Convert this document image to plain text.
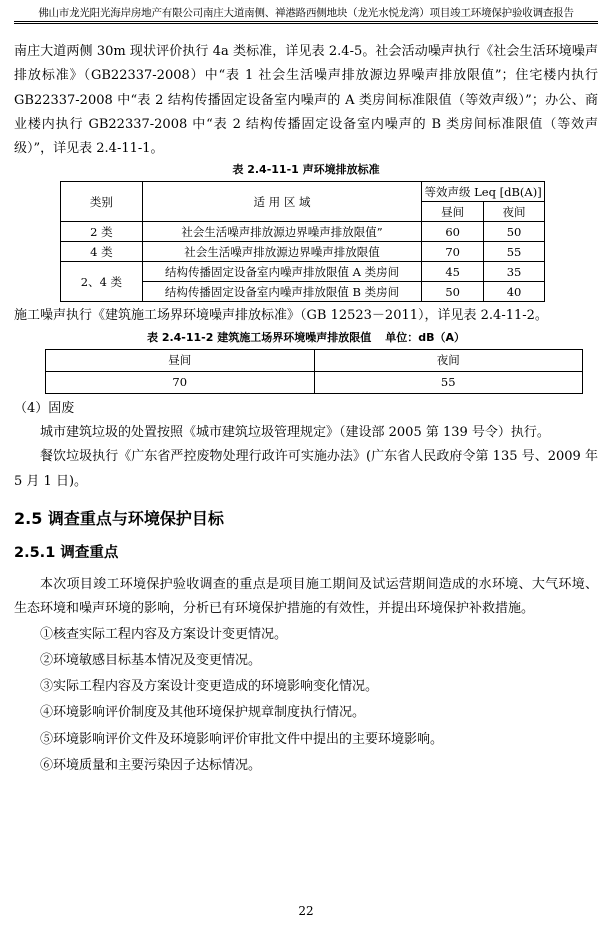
佛山市龙光阳光海岸房地产有限公司南庄大道南侧、禅港路西侧地块（龙光水悦龙湾）项目竣工环境保护验收调查报告

南庄大道两侧 30m 现状评价执行 4a 类标准，详见表 2.4-5。社会活动噪声执行《社会生活环境噪声排放标准》（GB22337-2008）中“表 1 社会生活噪声排放源边界噪声排放限值”；住宅楼内执行 GB22337-2008 中“表 2 结构传播固定设备室内噪声的 A 类房间标准限值（等效声级）”；办公、商业楼内执行 GB22337-2008 中“表 2 结构传播固定设备室内噪声的 B 类房间标准限值（等效声级）”，详见表 2.4-11-1。

表 2.4-11-1 声环境排放标准
类别	适 用 区 域	等效声级 Leq [dB(A)]	
		昼间	夜间
2 类	社会生活噪声排放源边界噪声排放限值”	60	50
4 类	社会生活噪声排放源边界噪声排放限值	70	55
2、4 类	结构传播固定设备室内噪声排放限值 A 类房间	45	35
	结构传播固定设备室内噪声排放限值 B 类房间	50	40

施工噪声执行《建筑施工场界环境噪声排放标准》（GB 12523－2011），详见表 2.4-11-2。

表 2.4-11-2 建筑施工场界环境噪声排放限值 单位：dB（A）
昼间	夜间
70	55

（4）固废

城市建筑垃圾的处置按照《城市建筑垃圾管理规定》（建设部 2005 第 139 号令）执行。

餐饮垃圾执行《广东省严控废物处理行政许可实施办法》(广东省人民政府令第 135 号、2009 年 5 月 1 日)。

2.5 调查重点与环境保护目标
2.5.1 调查重点

本次项目竣工环境保护验收调查的重点是项目施工期间及试运营期间造成的水环境、大气环境、生态环境和噪声环境的影响，分析已有环境保护措施的有效性，并提出环境保护补救措施。

①核查实际工程内容及方案设计变更情况。

②环境敏感目标基本情况及变更情况。

③实际工程内容及方案设计变更造成的环境影响变化情况。

④环境影响评价制度及其他环境保护规章制度执行情况。

⑤环境影响评价文件及环境影响评价审批文件中提出的主要环境影响。

⑥环境质量和主要污染因子达标情况。

22
